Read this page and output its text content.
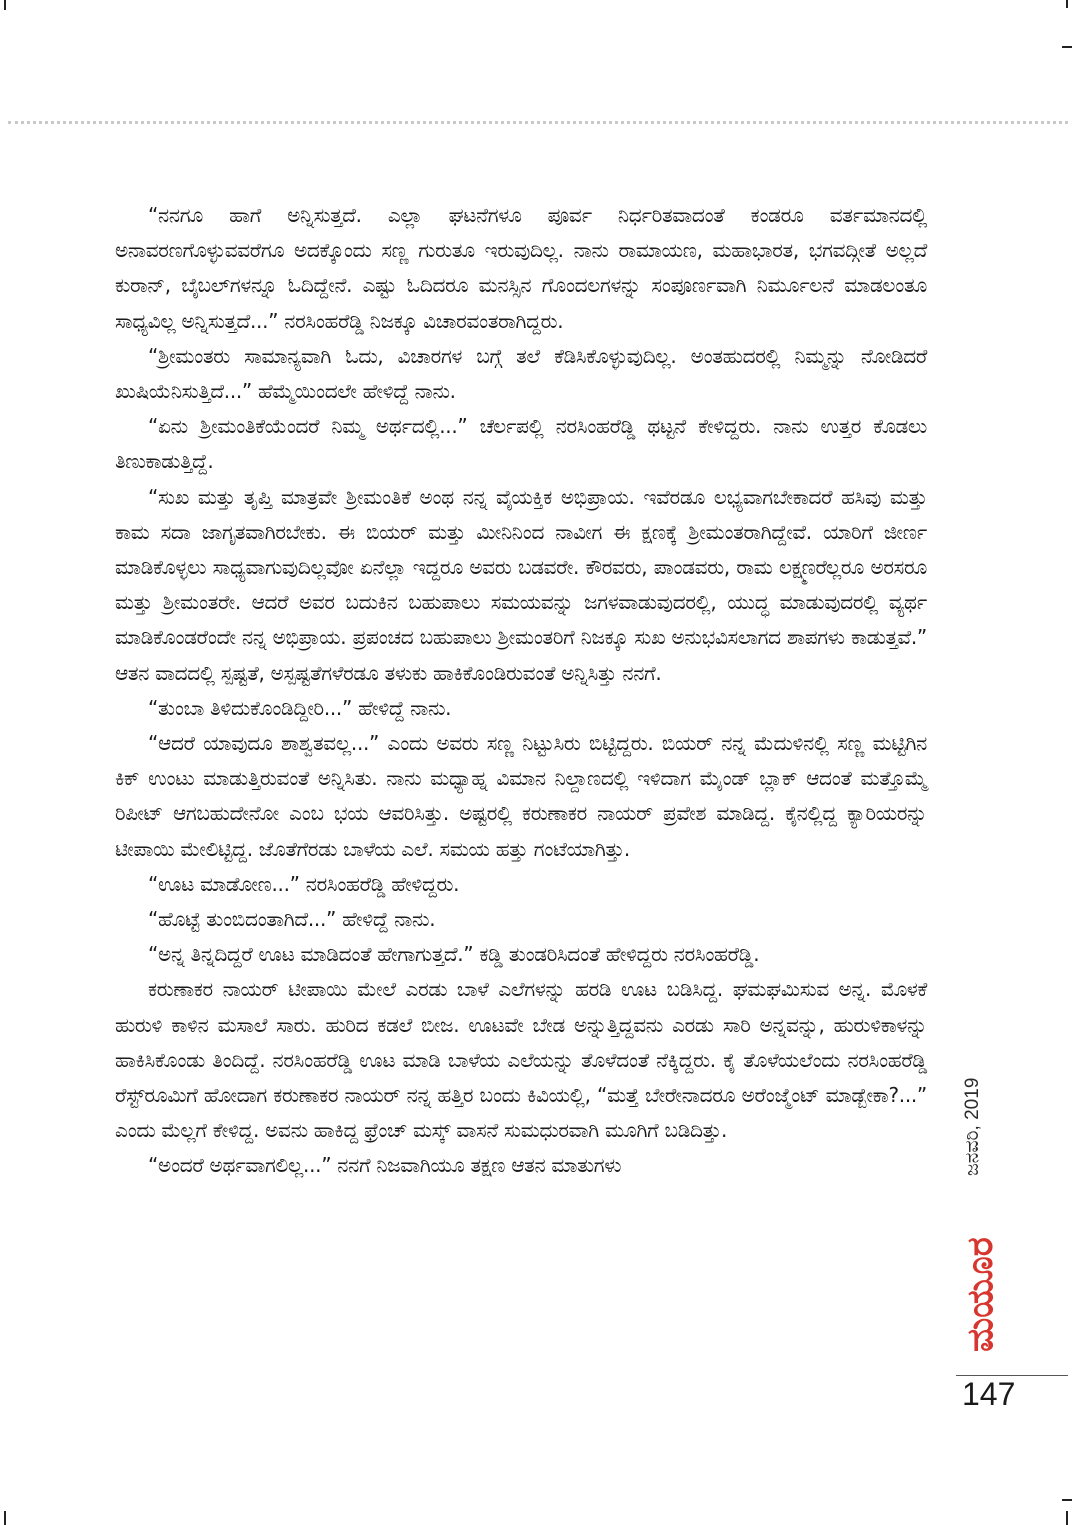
“ನನಗೂ ಹಾಗೆ ಅನ್ನಿಸುತ್ತದೆ. ಎಲ್ಲಾ ಘಟನೆಗಳೂ ಪೂರ್ವ ನಿರ್ಧರಿತವಾದಂತೆ ಕಂಡರೂ ವರ್ತಮಾನದಲ್ಲಿ ಅನಾವರಣಗೊಳ್ಳುವವರೆಗೂ ಅದಕ್ಕೊಂದು ಸಣ್ಣ ಗುರುತೂ ಇರುವುದಿಲ್ಲ. ನಾನು ರಾಮಾಯಣ, ಮಹಾಭಾರತ, ಭಗವದ್ಗೀತೆ ಅಲ್ಲದೆ ಕುರಾನ್, ಬೈಬಲ್‌ಗಳನ್ನೂ ಓದಿದ್ದೇನೆ. ಎಷ್ಟು ಓದಿದರೂ ಮನಸ್ಸಿನ ಗೊಂದಲಗಳನ್ನು ಸಂಪೂರ್ಣವಾಗಿ ನಿರ್ಮೂಲನೆ ಮಾಡಲಂತೂ ಸಾಧ್ಯವಿಲ್ಲ ಅನ್ನಿಸುತ್ತದೆ...” ನರಸಿಂಹರೆಡ್ಡಿ ನಿಜಕ್ಕೂ ವಿಚಾರವಂತರಾಗಿದ್ದರು.

“ಶ್ರೀಮಂತರು ಸಾಮಾನ್ಯವಾಗಿ ಓದು, ವಿಚಾರಗಳ ಬಗ್ಗೆ ತಲೆ ಕೆಡಿಸಿಕೊಳ್ಳುವುದಿಲ್ಲ. ಅಂತಹುದರಲ್ಲಿ ನಿಮ್ಮನ್ನು ನೋಡಿದರೆ ಖುಷಿಯೆನಿಸುತ್ತಿದೆ...” ಹೆಮ್ಮೆಯಿಂದಲೇ ಹೇಳಿದ್ದೆ ನಾನು.

“ಏನು ಶ್ರೀಮಂತಿಕೆಯೆಂದರೆ ನಿಮ್ಮ ಅರ್ಥದಲ್ಲಿ...” ಚೆರ್ಲಪಲ್ಲಿ ನರಸಿಂಹರೆಡ್ಡಿ ಥಟ್ಟನೆ ಕೇಳಿದ್ದರು. ನಾನು ಉತ್ತರ ಕೊಡಲು ತಿಣುಕಾಡುತ್ತಿದ್ದೆ.

“ಸುಖ ಮತ್ತು ತೃಪ್ತಿ ಮಾತ್ರವೇ ಶ್ರೀಮಂತಿಕೆ ಅಂಥ ನನ್ನ ವೈಯಕ್ತಿಕ ಅಭಿಪ್ರಾಯ. ಇವೆರಡೂ ಲಭ್ಯವಾಗಬೇಕಾದರೆ ಹಸಿವು ಮತ್ತು ಕಾಮ ಸದಾ ಜಾಗೃತವಾಗಿರಬೇಕು. ಈ ಬಿಯರ್ ಮತ್ತು ಮೀನಿನಿಂದ ನಾವೀಗ ಈ ಕ್ಷಣಕ್ಕೆ ಶ್ರೀಮಂತರಾಗಿದ್ದೇವೆ. ಯಾರಿಗೆ ಜೀರ್ಣ ಮಾಡಿಕೊಳ್ಳಲು ಸಾಧ್ಯವಾಗುವುದಿಲ್ಲವೋ ಏನೆಲ್ಲಾ ಇದ್ದರೂ ಅವರು ಬಡವರೇ. ಕೌರವರು, ಪಾಂಡವರು, ರಾಮ ಲಕ್ಷ್ಮಣರೆಲ್ಲರೂ ಅರಸರೂ ಮತ್ತು ಶ್ರೀಮಂತರೇ. ಆದರೆ ಅವರ ಬದುಕಿನ ಬಹುಪಾಲು ಸಮಯವನ್ನು ಜಗಳವಾಡುವುದರಲ್ಲಿ, ಯುದ್ಧ ಮಾಡುವುದರಲ್ಲಿ ವ್ಯರ್ಥ ಮಾಡಿಕೊಂಡರೆಂದೇ ನನ್ನ ಅಭಿಪ್ರಾಯ. ಪ್ರಪಂಚದ ಬಹುಪಾಲು ಶ್ರೀಮಂತರಿಗೆ ನಿಜಕ್ಕೂ ಸುಖ ಅನುಭವಿಸಲಾಗದ ಶಾಪಗಳು ಕಾಡುತ್ತವೆ.” ಆತನ ವಾದದಲ್ಲಿ ಸ್ಪಷ್ಟತೆ, ಅಸ್ಪಷ್ಟತೆಗಳೆರಡೂ ತಳುಕು ಹಾಕಿಕೊಂಡಿರುವಂತೆ ಅನ್ನಿಸಿತ್ತು ನನಗೆ.

“ತುಂಬಾ ತಿಳಿದುಕೊಂಡಿದ್ದೀರಿ...” ಹೇಳಿದ್ದೆ ನಾನು.

“ಆದರೆ ಯಾವುದೂ ಶಾಶ್ವತವಲ್ಲ...” ಎಂದು ಅವರು ಸಣ್ಣ ನಿಟ್ಟುಸಿರು ಬಿಟ್ಟಿದ್ದರು. ಬಿಯರ್ ನನ್ನ ಮೆದುಳಿನಲ್ಲಿ ಸಣ್ಣ ಮಟ್ಟಿಗಿನ ಕಿಕ್ ಉಂಟು ಮಾಡುತ್ತಿರುವಂತೆ ಅನ್ನಿಸಿತು. ನಾನು ಮಧ್ಯಾಹ್ನ ವಿಮಾನ ನಿಲ್ದಾಣದಲ್ಲಿ ಇಳಿದಾಗ ಮೈಂಡ್ ಬ್ಲಾಕ್ ಆದಂತೆ ಮತ್ತೊಮ್ಮೆ ರಿಪೀಟ್ ಆಗಬಹುದೇನೋ ಎಂಬ ಭಯ ಆವರಿಸಿತ್ತು. ಅಷ್ಟರಲ್ಲಿ ಕರುಣಾಕರ ನಾಯರ್ ಪ್ರವೇಶ ಮಾಡಿದ್ದ. ಕೈನಲ್ಲಿದ್ದ ಕ್ಯಾರಿಯರನ್ನು ಟೀಪಾಯಿ ಮೇಲಿಟ್ಟಿದ್ದ. ಜೊತೆಗೆರಡು ಬಾಳೆಯ ಎಲೆ. ಸಮಯ ಹತ್ತು ಗಂಟೆಯಾಗಿತ್ತು.

“ಊಟ ಮಾಡೋಣ...” ನರಸಿಂಹರೆಡ್ಡಿ ಹೇಳಿದ್ದರು.

“ಹೊಟ್ಟೆ ತುಂಬಿದಂತಾಗಿದೆ...” ಹೇಳಿದ್ದೆ ನಾನು.

“ಅನ್ನ ತಿನ್ನದಿದ್ದರೆ ಊಟ ಮಾಡಿದಂತೆ ಹೇಗಾಗುತ್ತದೆ.” ಕಡ್ಡಿ ತುಂಡರಿಸಿದಂತೆ ಹೇಳಿದ್ದರು ನರಸಿಂಹರೆಡ್ಡಿ.

ಕರುಣಾಕರ ನಾಯರ್ ಟೀಪಾಯಿ ಮೇಲೆ ಎರಡು ಬಾಳೆ ಎಲೆಗಳನ್ನು ಹರಡಿ ಊಟ ಬಡಿಸಿದ್ದ. ಘಮಘಮಿಸುವ ಅನ್ನ. ಮೊಳಕೆ ಹುರುಳಿ ಕಾಳಿನ ಮಸಾಲೆ ಸಾರು. ಹುರಿದ ಕಡಲೆ ಬೀಜ. ಊಟವೇ ಬೇಡ ಅನ್ನುತ್ತಿದ್ದವನು ಎರಡು ಸಾರಿ ಅನ್ನವನ್ನು, ಹುರುಳಿಕಾಳನ್ನು ಹಾಕಿಸಿಕೊಂಡು ತಿಂದಿದ್ದೆ. ನರಸಿಂಹರೆಡ್ಡಿ ಊಟ ಮಾಡಿ ಬಾಳೆಯ ಎಲೆಯನ್ನು ತೊಳೆದಂತೆ ನೆಕ್ಕಿದ್ದರು. ಕೈ ತೊಳೆಯಲೆಂದು ನರಸಿಂಹರೆಡ್ಡಿ ರೆಸ್ಟ್‌ರೂಮಿಗೆ ಹೋದಾಗ ಕರುಣಾಕರ ನಾಯರ್ ನನ್ನ ಹತ್ತಿರ ಬಂದು ಕಿವಿಯಲ್ಲಿ, “ಮತ್ತೆ ಬೇರೇನಾದರೂ ಅರೆಂಜ್ಮೆಂಟ್ ಮಾಡ್ಬೇಕಾ?...” ಎಂದು ಮೆಲ್ಲಗೆ ಕೇಳಿದ್ದ. ಅವನು ಹಾಕಿದ್ದ ಫ್ರೆಂಚ್ ಮಸ್ಕ್ ವಾಸನೆ ಸುಮಧುರವಾಗಿ ಮೂಗಿಗೆ ಬಡಿದಿತ್ತು.

“ಅಂದರೆ ಅರ್ಥವಾಗಲಿಲ್ಲ...” ನನಗೆ ನಿಜವಾಗಿಯೂ ತಕ್ಷಣ ಆತನ ಮಾತುಗಳು	ಜನವರಿ, 2019
ಮಯೂರ
147
